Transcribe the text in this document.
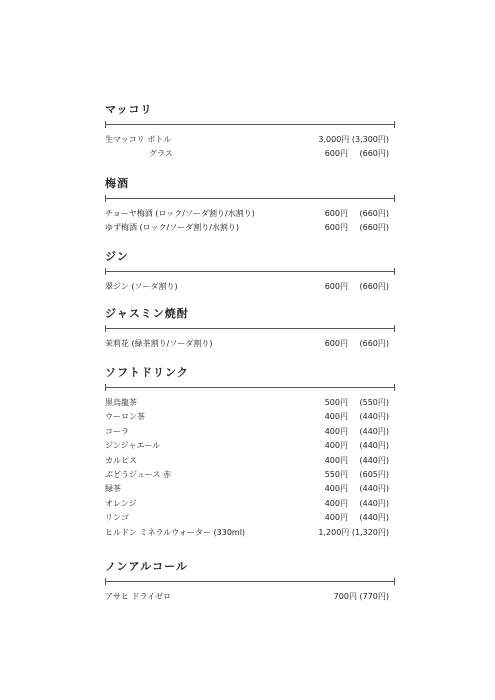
マッコリ
生マッコリ ボトル	3,000円 (3,300円)
グラス	600円 (660円)
梅酒
チョーヤ梅酒 (ロック/ソーダ割り/水割り)	600円 (660円)
ゆず梅酒 (ロック/ソーダ割り/水割り)	600円 (660円)
ジン
翠ジン (ソーダ割り)	600円 (660円)
ジャスミン焼酎
茉莉花 (緑茶割り/ソーダ割り)	600円 (660円)
ソフトドリンク
黒烏龍茶	500円 (550円)
ウーロン茶	400円 (440円)
コーラ	400円 (440円)
ジンジャエール	400円 (440円)
カルピス	400円 (440円)
ぶどうジュース 赤	550円 (605円)
緑茶	400円 (440円)
オレンジ	400円 (440円)
リンゴ	400円 (440円)
ヒルドン ミネラルウォーター (330ml)	1,200円 (1,320円)
ノンアルコール
アサヒ ドライゼロ	700円 (770円)
